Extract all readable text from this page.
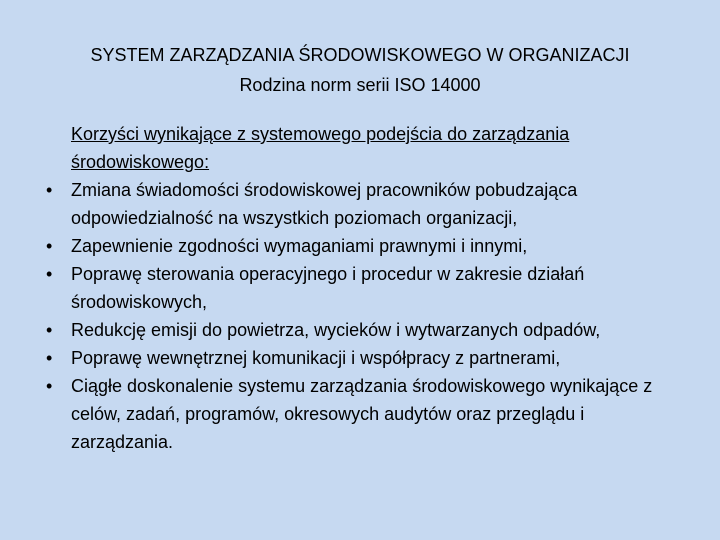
SYSTEM ZARZĄDZANIA ŚRODOWISKOWEGO W ORGANIZACJI
Rodzina norm serii ISO 14000

Korzyści wynikające z systemowego podejścia do zarządzania środowiskowego:

•	Zmiana świadomości środowiskowej pracowników pobudzająca odpowiedzialność na wszystkich poziomach organizacji,
•	Zapewnienie zgodności wymaganiami prawnymi i innymi,
•	Poprawę sterowania operacyjnego i procedur w zakresie działań środowiskowych,
•	Redukcję emisji do powietrza, wycieków i wytwarzanych odpadów,
•	Poprawę wewnętrznej komunikacji i współpracy z partnerami,
•	Ciągłe doskonalenie systemu zarządzania środowiskowego wynikające z celów, zadań, programów, okresowych audytów oraz przeglądu i zarządzania.
